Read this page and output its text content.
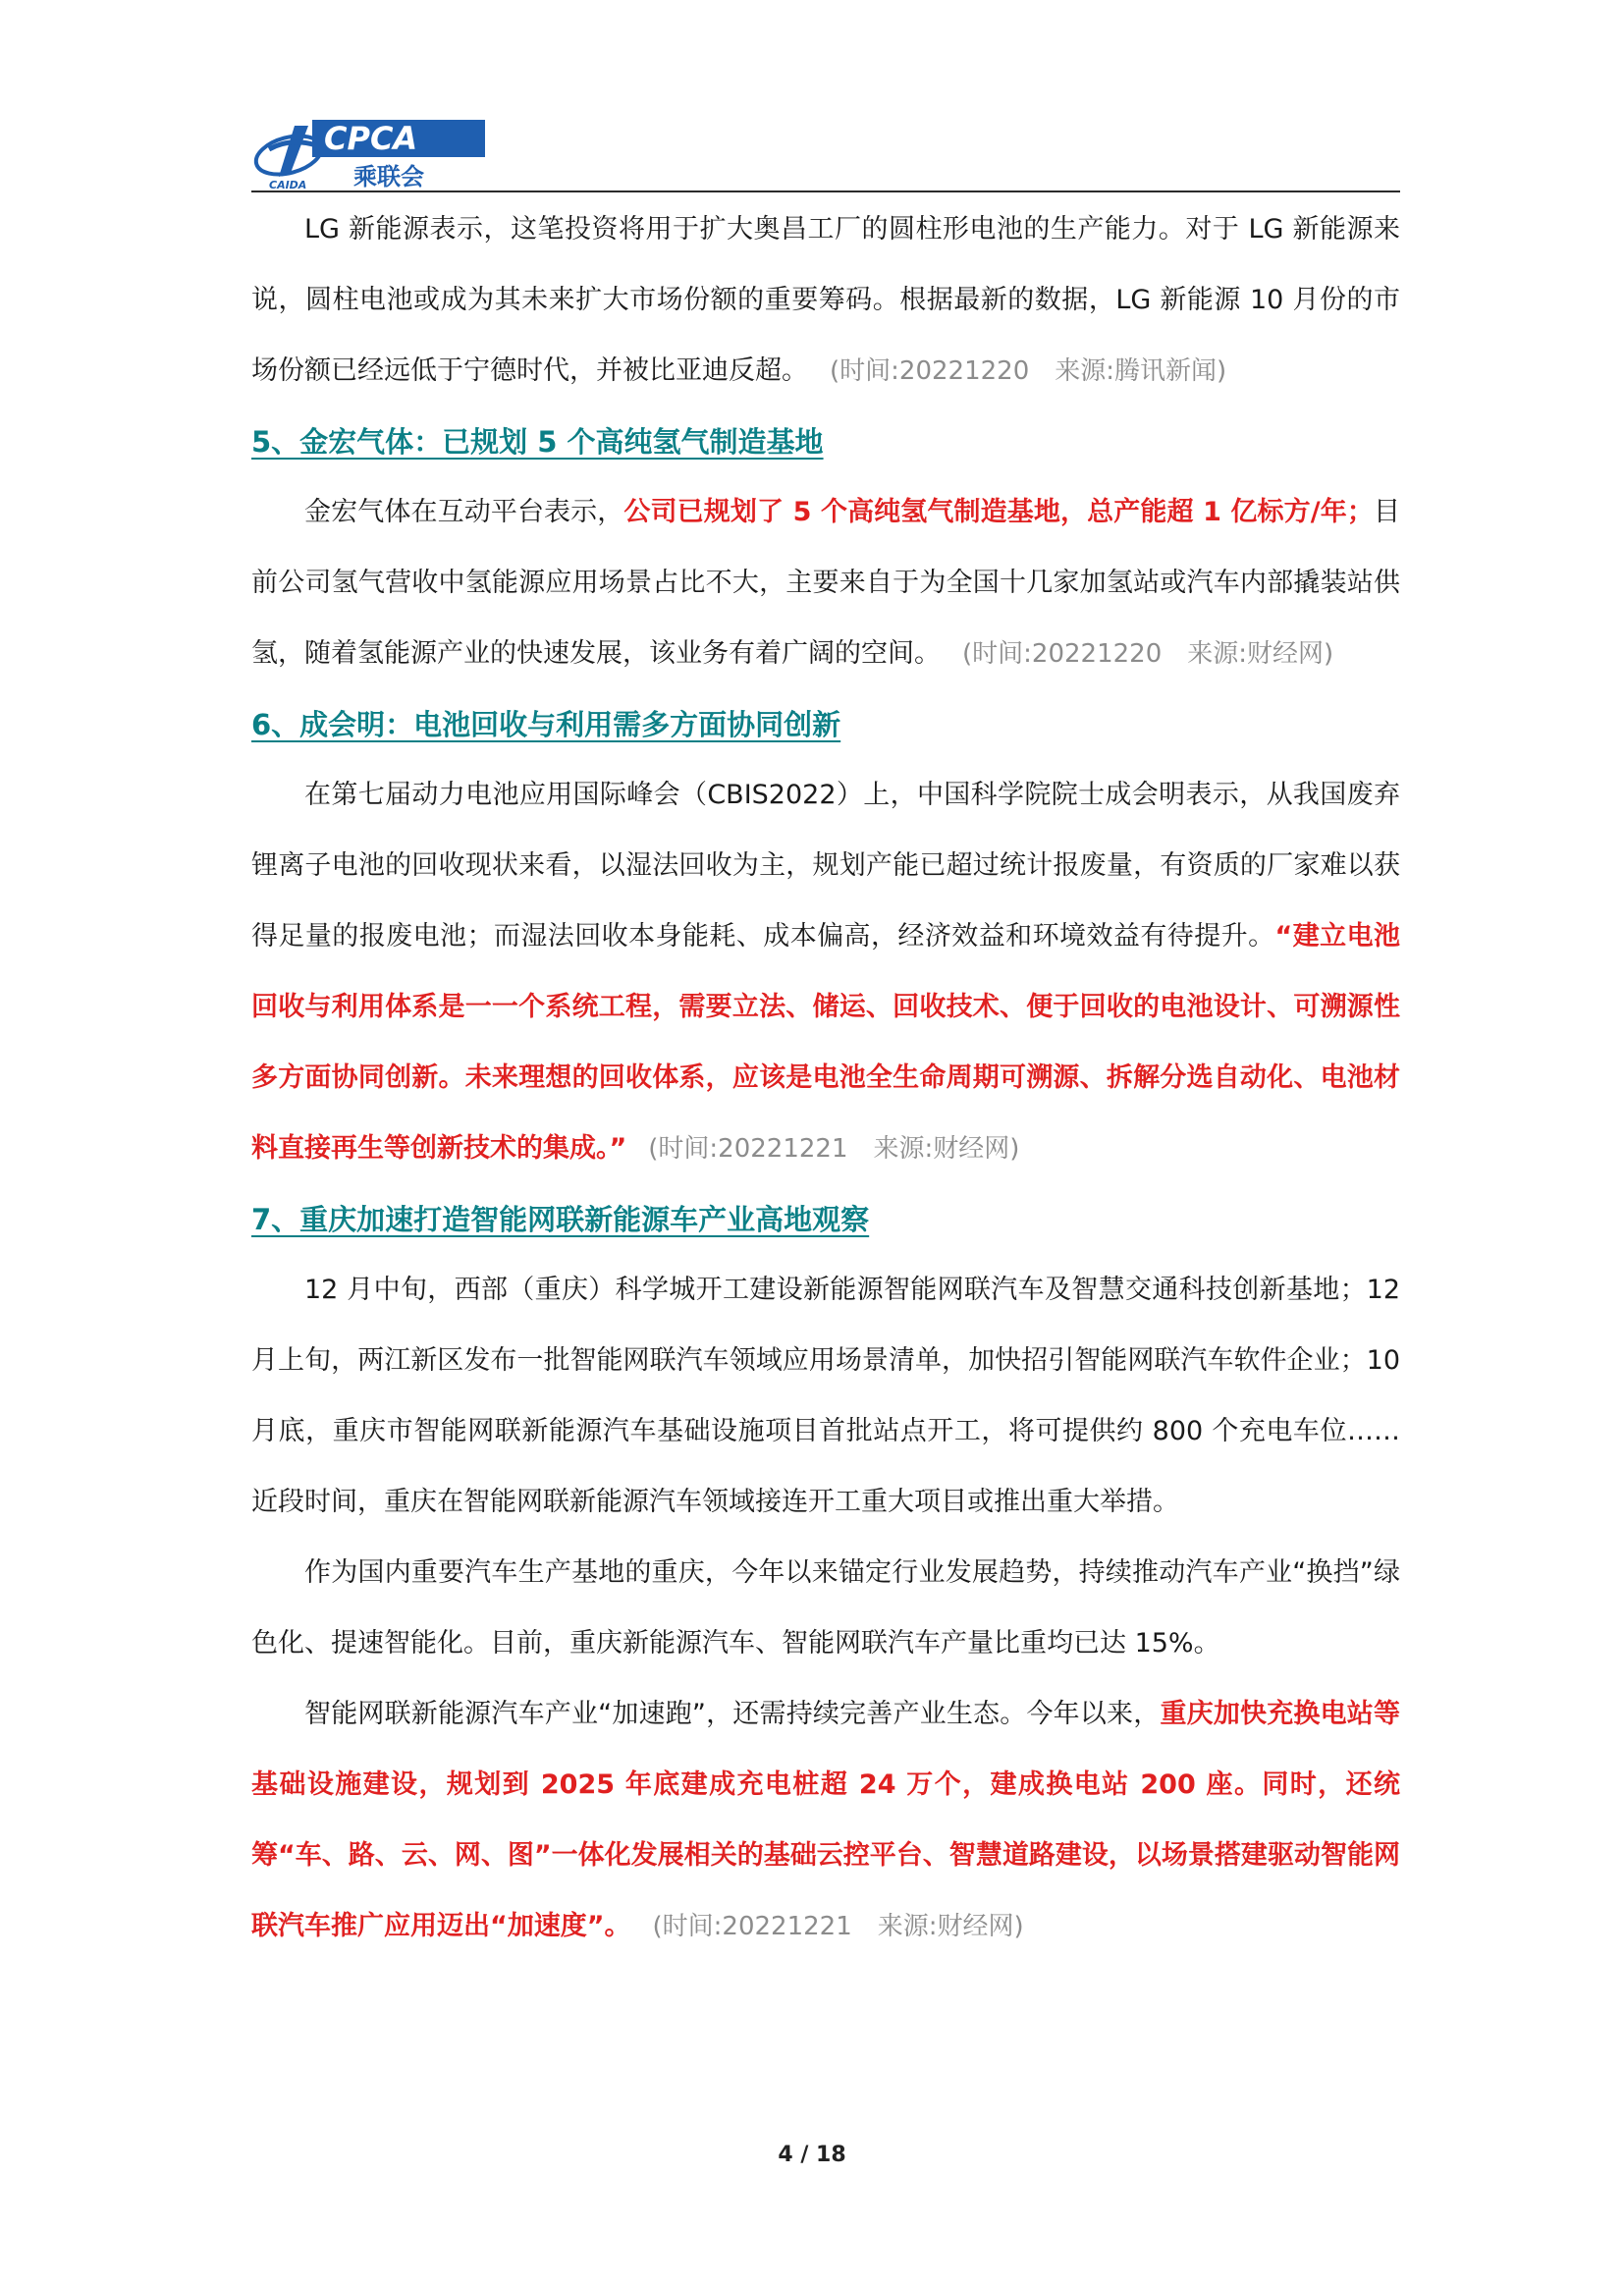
CAIDA
CPCA
乘联会

LG 新能源表示，这笔投资将用于扩大奥昌工厂的圆柱形电池的生产能力。对于 LG 新能源来说，圆柱电池或成为其未来扩大市场份额的重要筹码。根据最新的数据，LG 新能源 10 月份的市场份额已经远低于宁德时代，并被比亚迪反超。 (时间:20221220 来源:腾讯新闻)

5、金宏气体：已规划 5 个高纯氢气制造基地

金宏气体在互动平台表示，公司已规划了 5 个高纯氢气制造基地，总产能超 1 亿标方/年；目前公司氢气营收中氢能源应用场景占比不大，主要来自于为全国十几家加氢站或汽车内部撬装站供氢，随着氢能源产业的快速发展，该业务有着广阔的空间。 (时间:20221220 来源:财经网)

6、成会明：电池回收与利用需多方面协同创新

在第七届动力电池应用国际峰会（CBIS2022）上，中国科学院院士成会明表示，从我国废弃锂离子电池的回收现状来看，以湿法回收为主，规划产能已超过统计报废量，有资质的厂家难以获得足量的报废电池；而湿法回收本身能耗、成本偏高，经济效益和环境效益有待提升。“建立电池回收与利用体系是一一个系统工程，需要立法、储运、回收技术、便于回收的电池设计、可溯源性多方面协同创新。未来理想的回收体系，应该是电池全生命周期可溯源、拆解分选自动化、电池材料直接再生等创新技术的集成。” (时间:20221221 来源:财经网)

7、重庆加速打造智能网联新能源车产业高地观察

12 月中旬，西部（重庆）科学城开工建设新能源智能网联汽车及智慧交通科技创新基地；12 月上旬，两江新区发布一批智能网联汽车领域应用场景清单，加快招引智能网联汽车软件企业；10 月底，重庆市智能网联新能源汽车基础设施项目首批站点开工，将可提供约 800 个充电车位……近段时间，重庆在智能网联新能源汽车领域接连开工重大项目或推出重大举措。

作为国内重要汽车生产基地的重庆，今年以来锚定行业发展趋势，持续推动汽车产业“换挡”绿色化、提速智能化。目前，重庆新能源汽车、智能网联汽车产量比重均已达 15%。

智能网联新能源汽车产业“加速跑”，还需持续完善产业生态。今年以来，重庆加快充换电站等基础设施建设，规划到 2025 年底建成充电桩超 24 万个，建成换电站 200 座。同时，还统筹“车、路、云、网、图”一体化发展相关的基础云控平台、智慧道路建设，以场景搭建驱动智能网联汽车推广应用迈出“加速度”。 (时间:20221221 来源:财经网)

4 / 18
